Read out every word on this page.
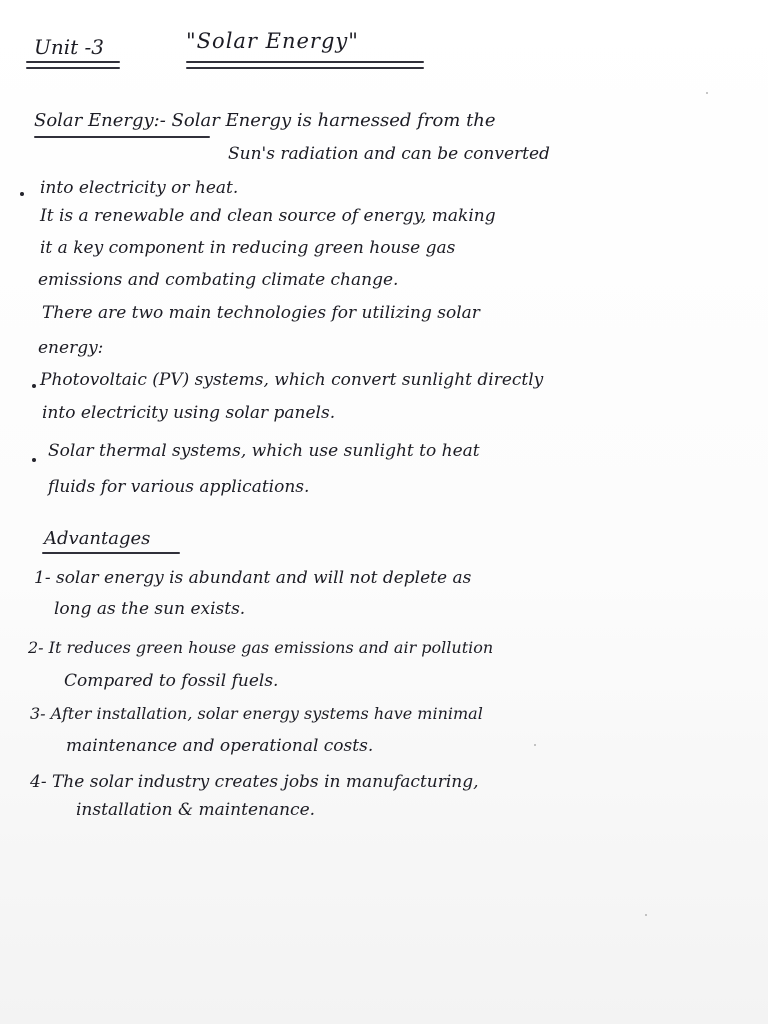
Unit -3	"Solar Energy"
Solar Energy:- Solar Energy is harnessed from the
Sun's radiation and can be converted
into electricity or heat.
It is a renewable and clean source of energy, making
it a key component in reducing green house gas
emissions and combating climate change.
There are two main technologies for utilizing solar
energy:
Photovoltaic (PV) systems, which convert sunlight directly
into electricity using solar panels.
Solar thermal systems, which use sunlight to heat
fluids for various applications.
Advantages
1- solar energy is abundant and will not deplete as
long as the sun exists.
2- It reduces green house gas emissions and air pollution
Compared to fossil fuels.
3- After installation, solar energy systems have minimal
maintenance and operational costs.
4- The solar industry creates jobs in manufacturing,
installation & maintenance.
